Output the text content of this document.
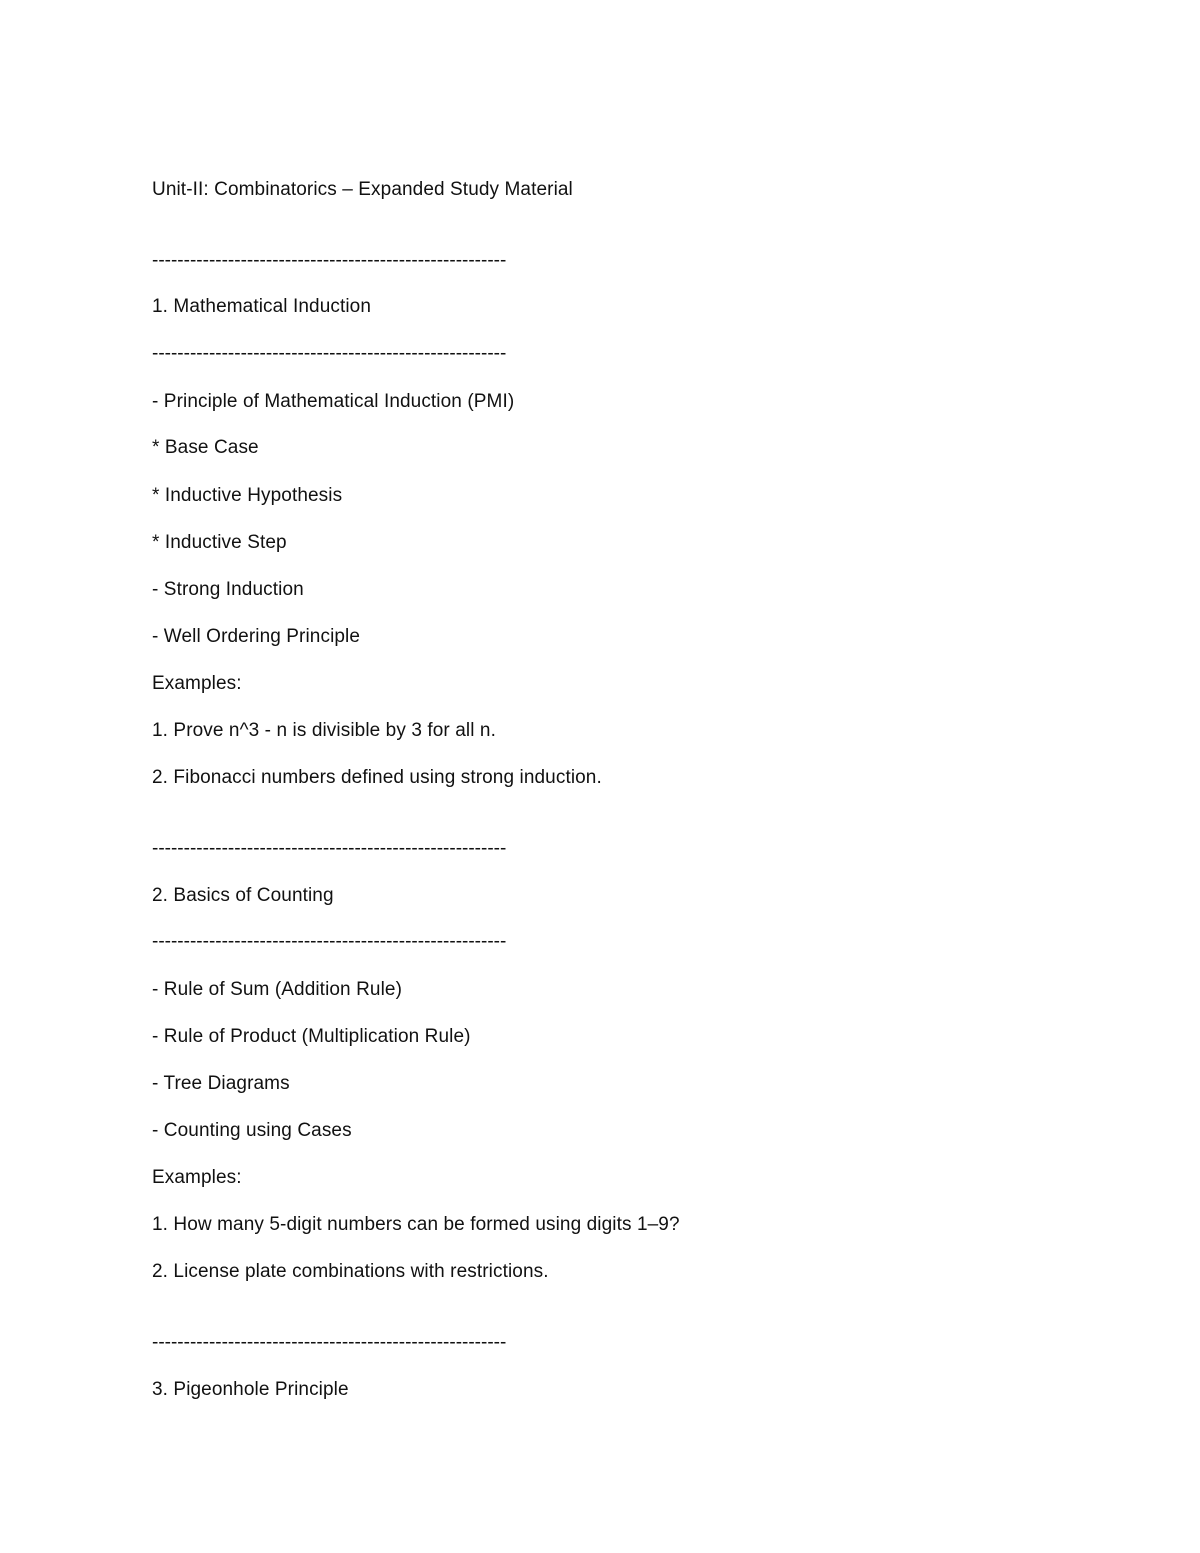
Unit-II: Combinatorics – Expanded Study Material
--------------------------------------------------------
1. Mathematical Induction
--------------------------------------------------------
- Principle of Mathematical Induction (PMI)
* Base Case
* Inductive Hypothesis
* Inductive Step
- Strong Induction
- Well Ordering Principle
Examples:
1. Prove n^3 - n is divisible by 3 for all n.
2. Fibonacci numbers defined using strong induction.
--------------------------------------------------------
2. Basics of Counting
--------------------------------------------------------
- Rule of Sum (Addition Rule)
- Rule of Product (Multiplication Rule)
- Tree Diagrams
- Counting using Cases
Examples:
1. How many 5-digit numbers can be formed using digits 1–9?
2. License plate combinations with restrictions.
--------------------------------------------------------
3. Pigeonhole Principle
